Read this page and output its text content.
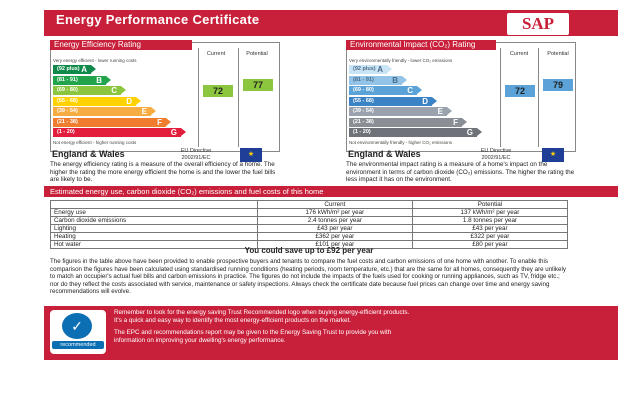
Energy Performance Certificate	SAP
Energy Efficiency Rating
Current	Potential
Very energy efficient - lower running costs
(92 plus) A
(81 - 91) B
(69 - 80)	C
(55 - 68)	D
(39 - 54)	E
(21 - 38)	F
(1 - 20)	G
Not energy efficient - higher running costs
72
77
England & Wales	EU Directive
2002/91/EC	★
The energy efficiency rating is a measure of the overall efficiency of a home. The higher the rating the more energy efficient the home is and the lower the fuel bills are likely to be.
Environmental Impact (CO₂) Rating
Current	Potential
Very environmentally friendly - lower CO₂ emissions
(92 plus) A
(81 - 91) B
(69 - 80)	C
(55 - 68)	D
(39 - 54)	E
(21 - 38)	F
(1 - 20)	G
Not environmentally friendly - higher CO₂ emissions
72
79
England & Wales	EU Directive
2002/91/EC	★
The environmental impact rating is a measure of a home's impact on the environment in terms of carbon dioxide (CO₂) emissions. The higher the rating the less impact it has on the environment.
Estimated energy use, carbon dioxide (CO₂) emissions and fuel costs of this home
	Current	Potential
Energy use	176 kWh/m² per year	137 kWh/m² per year
Carbon dioxide emissions	2.4 tonnes per year	1.8 tonnes per year
Lighting	£43 per year	£43 per year
Heating	£362 per year	£322 per year
Hot water	£101 per year	£80 per year
You could save up to £92 per year
The figures in the table above have been provided to enable prospective buyers and tenants to compare the fuel costs and carbon emissions of one home with another. To enable this comparison the figures have been calculated using standardised running conditions (heating periods, room temperature, etc.) that are the same for all homes, consequently they are unlikely to match an occupier's actual fuel bills and carbon emissions in practice. The figures do not include the impacts of the fuels used for cooking or running appliances, such as TV, fridge etc.; nor do they reflect the costs associated with service, maintenance or safety inspections. Always check the certificate date because fuel prices can change over time and energy saving recommendations will evolve.
✓
recommended
Remember to look for the energy saving Trust Recommended logo when buying energy-efficient products.
It's a quick and easy way to identify the most energy-efficient products on the market.
The EPC and recommendations report may be given to the Energy Saving Trust to provide you with
information on improving your dwelling's energy performance.
